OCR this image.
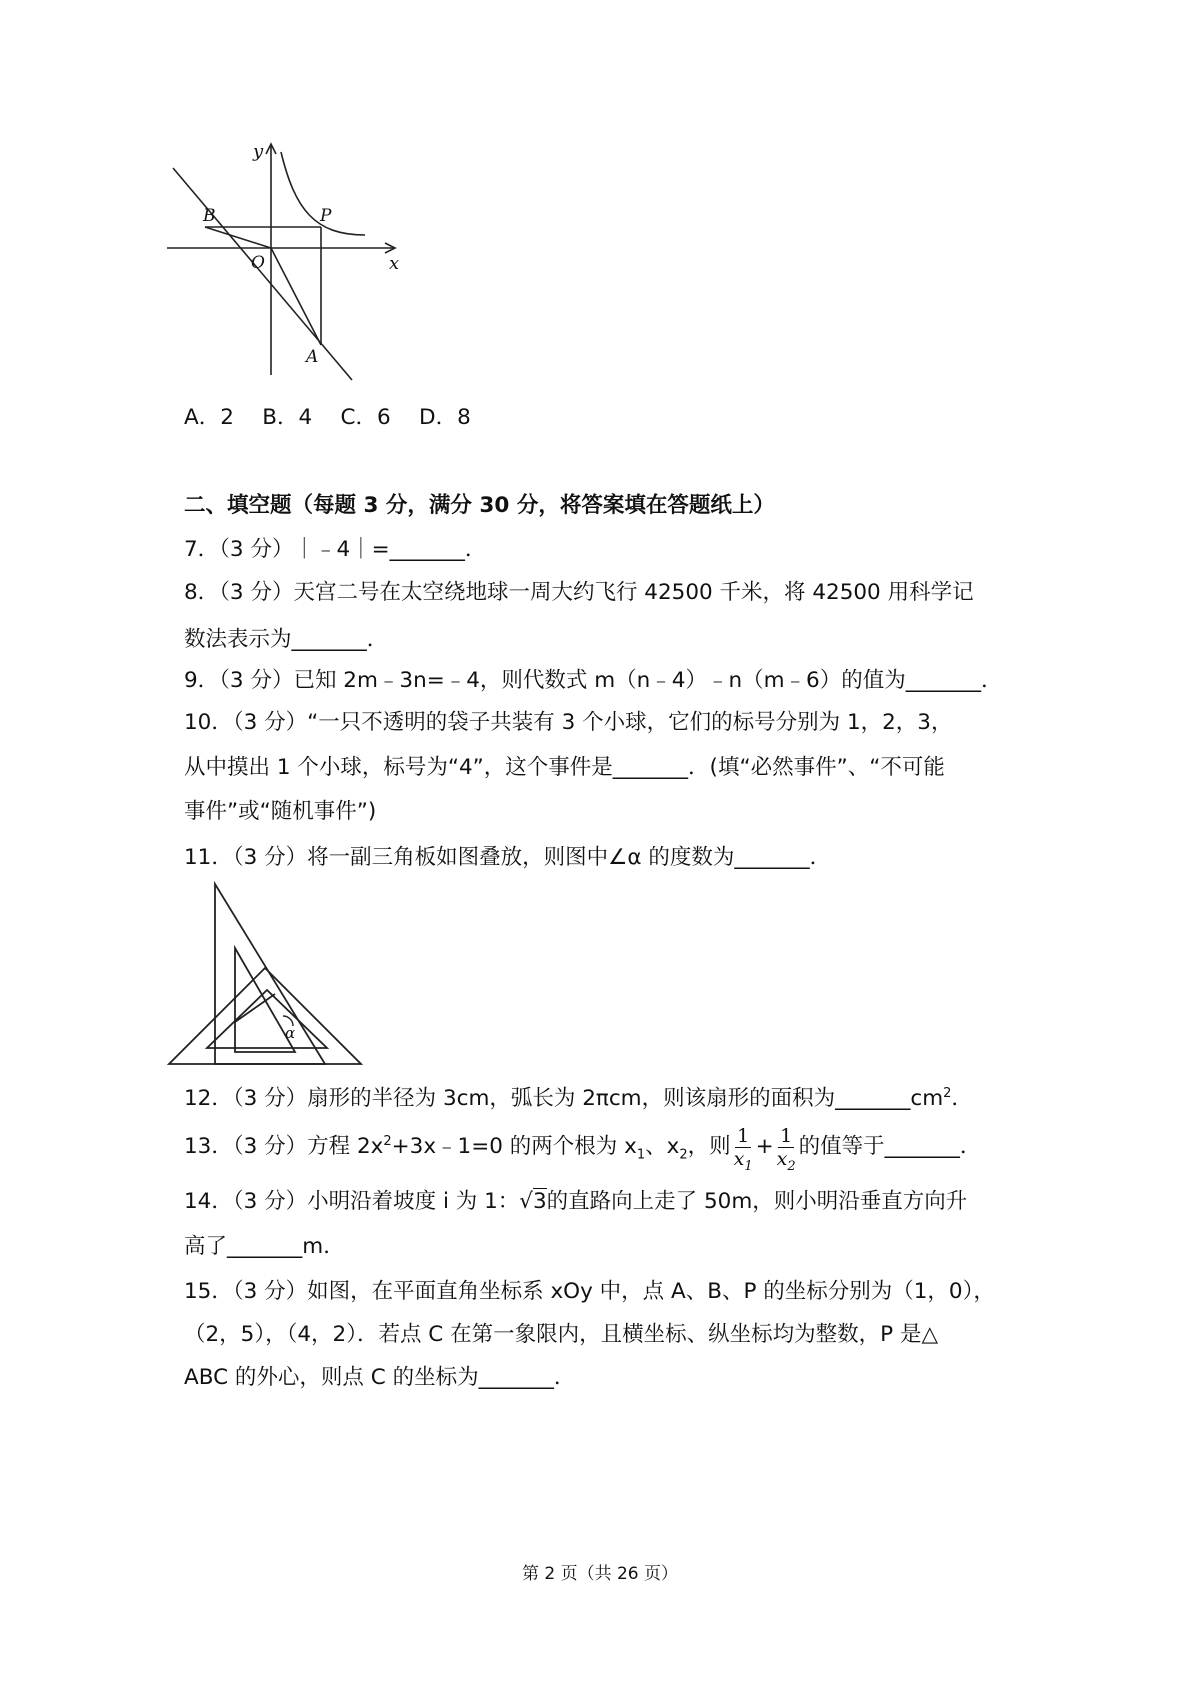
y
x
B	P
O
A
A．2　 B．4　 C．6　 D．8
二、填空题（每题 3 分，满分 30 分，将答案填在答题纸上）
7．（3 分）｜﹣4｜=_______．
8．（3 分）天宫二号在太空绕地球一周大约飞行 42500 千米，将 42500 用科学记
数法表示为_______．
9．（3 分）已知 2m﹣3n=﹣4，则代数式 m（n﹣4）﹣n（m﹣6）的值为_______．
10．（3 分）“一只不透明的袋子共装有 3 个小球，它们的标号分别为 1，2，3，
从中摸出 1 个小球，标号为“4”，这个事件是_______．(填“必然事件”、“不可能
事件”或“随机事件”)
11．（3 分）将一副三角板如图叠放，则图中∠α 的度数为_______．
α
12．（3 分）扇形的半径为 3cm，弧长为 2πcm，则该扇形的面积为$\_\_\_\_\_\_\_cm^2$．
13．（3 分）方程 $2x^2+3x﹣1=0$ 的两个根为 $x_1$、$x_2$，则 $\frac{1}{x_1} + \frac{1}{x_2}$ 的值等于_______．
14．（3 分）小明沿着坡度 i 为 1：√3的直路向上走了 50m，则小明沿垂直方向升
高了_______m．
15．（3 分）如图，在平面直角坐标系 xOy 中，点 A、B、P 的坐标分别为（1，0），
（2，5），（4，2）．若点 C 在第一象限内，且横坐标、纵坐标均为整数，P 是△
ABC 的外心，则点 C 的坐标为_______．
第 2 页（共 26 页）
